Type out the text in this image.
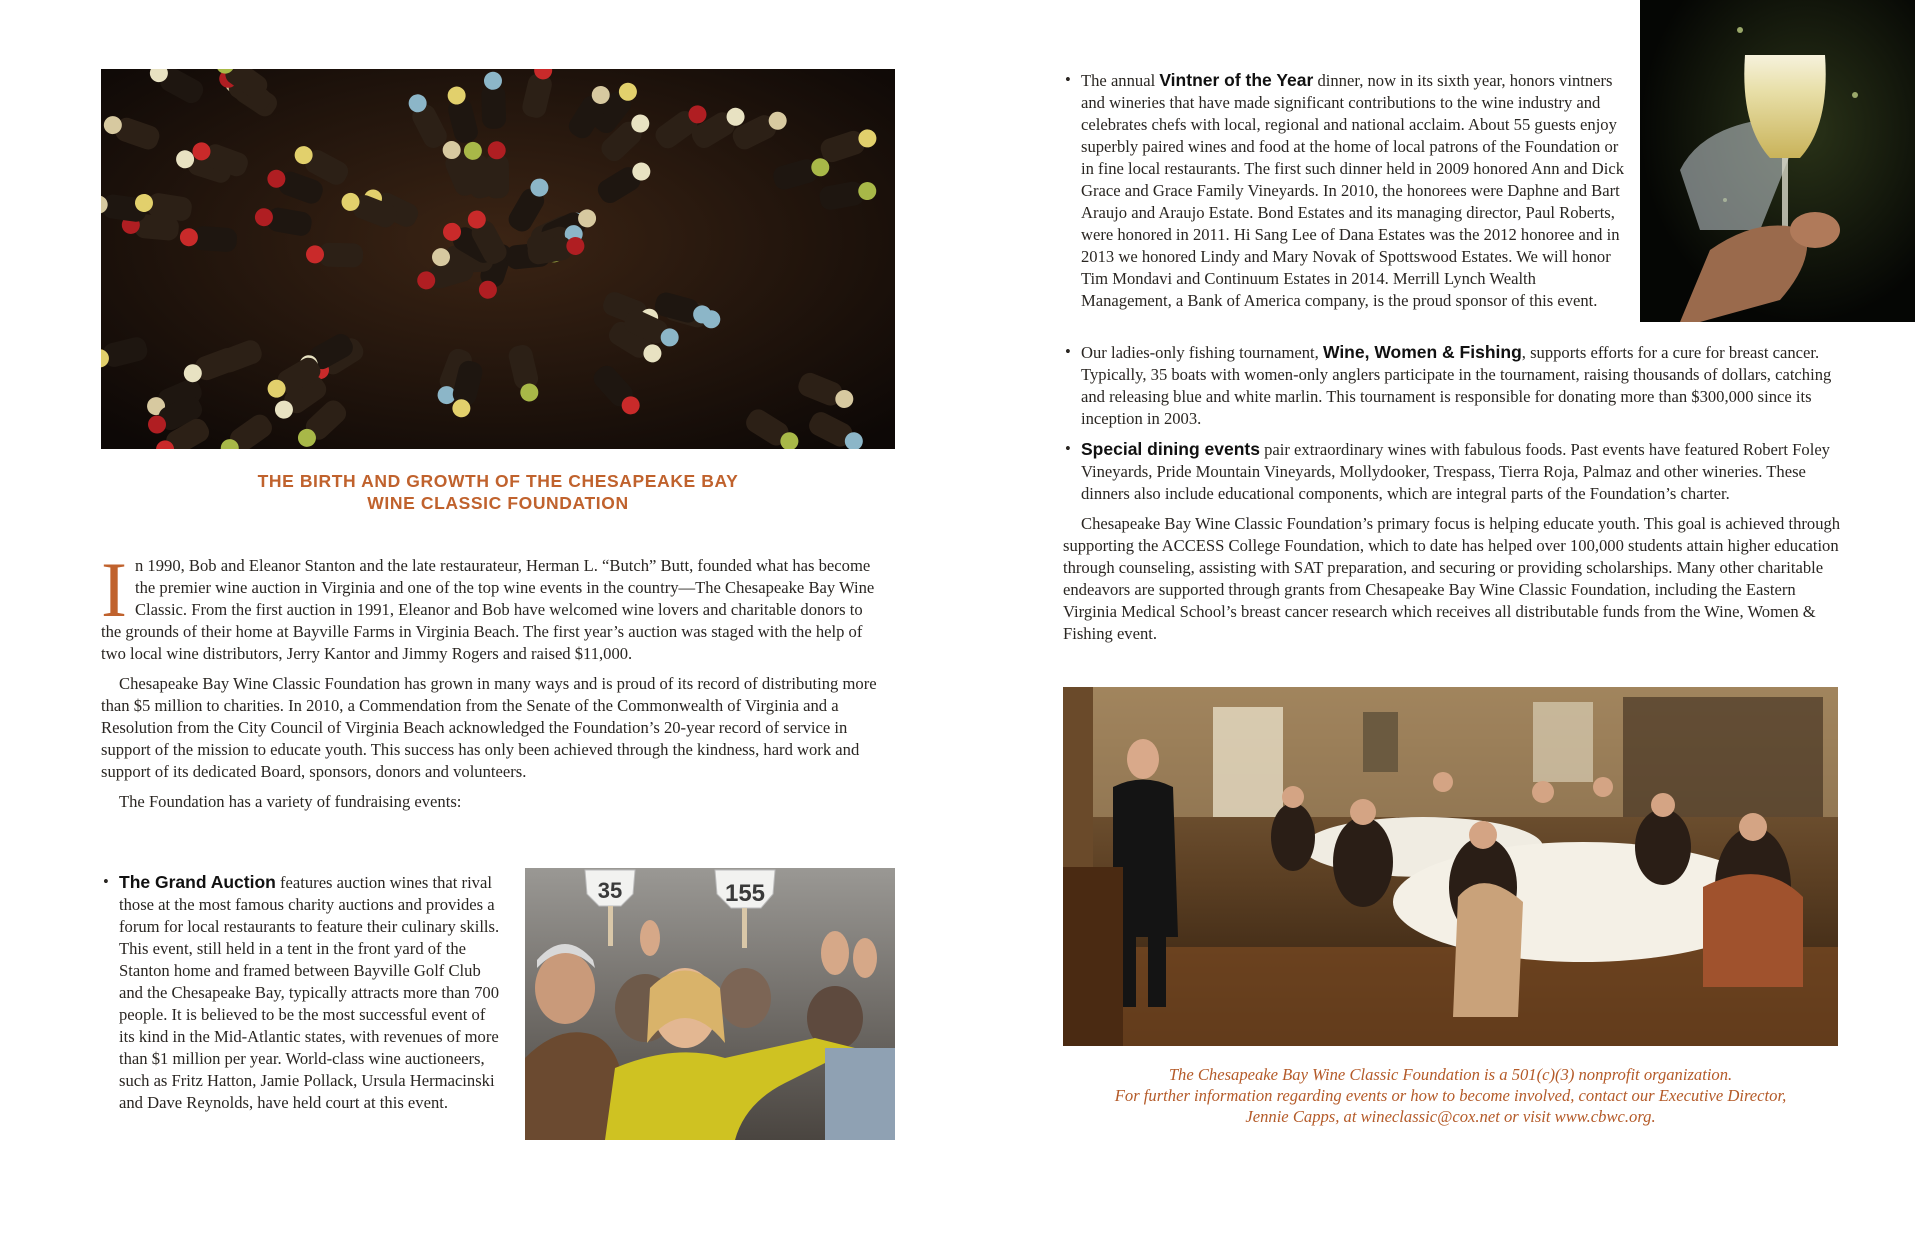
THE BIRTH AND GROWTH OF THE CHESAPEAKE BAY
WINE CLASSIC FOUNDATION

In 1990, Bob and Eleanor Stanton and the late restaurateur, Herman L. “Butch” Butt, founded what has become the premier wine auction in Virginia and one of the top wine events in the country—The Chesapeake Bay Wine Classic. From the first auction in 1991, Eleanor and Bob have welcomed wine lovers and charitable donors to the grounds of their home at Bayville Farms in Virginia Beach. The first year’s auction was staged with the help of two local wine distributors, Jerry Kantor and Jimmy Rogers and raised $11,000.

Chesapeake Bay Wine Classic Foundation has grown in many ways and is proud of its record of distributing more than $5 million to charities. In 2010, a Commendation from the Senate of the Commonwealth of Virginia and a Resolution from the City Council of Virginia Beach acknowledged the Foundation’s 20-year record of service in support of the mission to educate youth. This success has only been achieved through the kindness, hard work and support of its dedicated Board, sponsors, donors and volunteers.

The Foundation has a variety of fundraising events:

• The Grand Auction features auction wines that rival those at the most famous charity auctions and provides a forum for local restaurants to feature their culinary skills. This event, still held in a tent in the front yard of the Stanton home and framed between Bayville Golf Club and the Chesapeake Bay, typically attracts more than 700 people. It is believed to be the most successful event of its kind in the Mid-Atlantic states, with revenues of more than $1 million per year. World-class wine auctioneers, such as Fritz Hatton, Jamie Pollack, Ursula Hermacinski and Dave Reynolds, have held court at this event.
35	155
• The annual Vintner of the Year dinner, now in its sixth year, honors vintners and wineries that have made significant contributions to the wine industry and celebrates chefs with local, regional and national acclaim. About 55 guests enjoy superbly paired wines and food at the home of local patrons of the Foundation or in fine local restaurants. The first such dinner held in 2009 honored Ann and Dick Grace and Grace Family Vineyards. In 2010, the honorees were Daphne and Bart Araujo and Araujo Estate. Bond Estates and its managing director, Paul Roberts, were honored in 2011. Hi Sang Lee of Dana Estates was the 2012 honoree and in 2013 we honored Lindy and Mary Novak of Spottswood Estates. We will honor Tim Mondavi and Continuum Estates in 2014. Merrill Lynch Wealth Management, a Bank of America company, is the proud sponsor of this event.
• Our ladies-only fishing tournament, Wine, Women & Fishing, supports efforts for a cure for breast cancer. Typically, 35 boats with women-only anglers participate in the tournament, raising thousands of dollars, catching and releasing blue and white marlin. This tournament is responsible for donating more than $300,000 since its inception in 2003.
• Special dining events pair extraordinary wines with fabulous foods. Past events have featured Robert Foley Vineyards, Pride Mountain Vineyards, Mollydooker, Trespass, Tierra Roja, Palmaz and other wineries. These dinners also include educational components, which are integral parts of the Foundation’s charter.

Chesapeake Bay Wine Classic Foundation’s primary focus is helping educate youth. This goal is achieved through supporting the ACCESS College Foundation, which to date has helped over 100,000 students attain higher education through counseling, assisting with SAT preparation, and securing or providing scholarships. Many other charitable endeavors are supported through grants from Chesapeake Bay Wine Classic Foundation, including the Eastern Virginia Medical School’s breast cancer research which receives all distributable funds from the Wine, Women & Fishing event.

The Chesapeake Bay Wine Classic Foundation is a 501(c)(3) nonprofit organization.
For further information regarding events or how to become involved, contact our Executive Director,
Jennie Capps, at wineclassic@cox.net or visit www.cbwc.org.
